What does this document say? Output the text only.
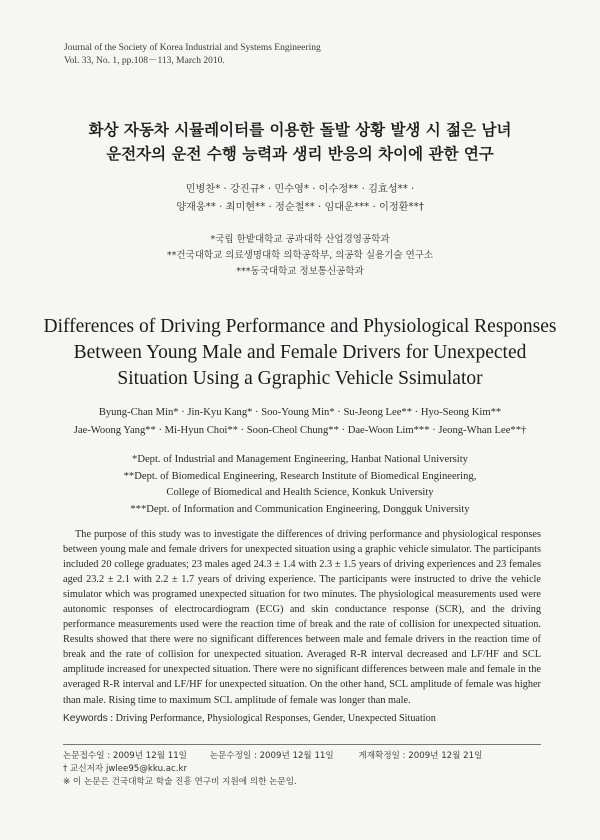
Journal of the Society of Korea Industrial and Systems Engineering
Vol. 33, No. 1, pp.108－113, March 2010.
화상 자동차 시뮬레이터를 이용한 돌발 상황 발생 시 젊은 남녀
운전자의 운전 수행 능력과 생리 반응의 차이에 관한 연구
민병찬* · 강진규* · 민수영* · 이수정** · 김효성** ·
양재웅** · 최미현** · 정순철** · 임대운*** · 이정환**†
*국립 한밭대학교 공과대학 산업경영공학과
**건국대학교 의료생명대학 의학공학부, 의공학 실용기술 연구소
***동국대학교 정보통신공학과
Differences of Driving Performance and Physiological Responses
Between Young Male and Female Drivers for Unexpected
Situation Using a Ggraphic Vehicle Ssimulator
Byung-Chan Min* · Jin-Kyu Kang* · Soo-Young Min* · Su-Jeong Lee** · Hyo-Seong Kim**
Jae-Woong Yang** · Mi-Hyun Choi** · Soon-Cheol Chung** · Dae-Woon Lim*** · Jeong-Whan Lee**†
*Dept. of Industrial and Management Engineering, Hanbat National University
**Dept. of Biomedical Engineering, Research Institute of Biomedical Engineering,
College of Biomedical and Health Science, Konkuk University
***Dept. of Information and Communication Engineering, Dongguk University

The purpose of this study was to investigate the differences of driving performance and physiological responses between young male and female drivers for unexpected situation using a graphic vehicle simulator. The participants included 20 college graduates; 23 males aged 24.3 ± 1.4 with 2.3 ± 1.5 years of driving experiences and 23 females aged 23.2 ± 2.1 with 2.2 ± 1.7 years of driving experience. The participants were instructed to drive the vehicle simulator which was programed unexpected situation for two minutes. The physiological measurements used were autonomic responses of electrocardiogram (ECG) and skin conductance response (SCR), and the driving performance measurements used were the reaction time of break and the rate of collision for unexpected situation. Results showed that there were no significant differences between male and female drivers in the reaction time of break and the rate of collision for unexpected situation. Averaged R-R interval decreased and LF/HF and SCL amplitude increased for unexpected situation. There were no significant differences between male and female in the averaged R-R interval and LF/HF for unexpected situation. On the other hand, SCL amplitude of female was higher than male. Rising time to maximum SCL amplitude of female was longer than male.

Keywords : Driving Performance, Physiological Responses, Gender, Unexpected Situation
논문접수일 : 2009년 12월 11일	논문수정일 : 2009년 12월 11일	게재확정일 : 2009년 12월 21일
† 교신저자 jwlee95@kku.ac.kr
※ 이 논문은 건국대학교 학술 진흥 연구비 지원에 의한 논문임.
